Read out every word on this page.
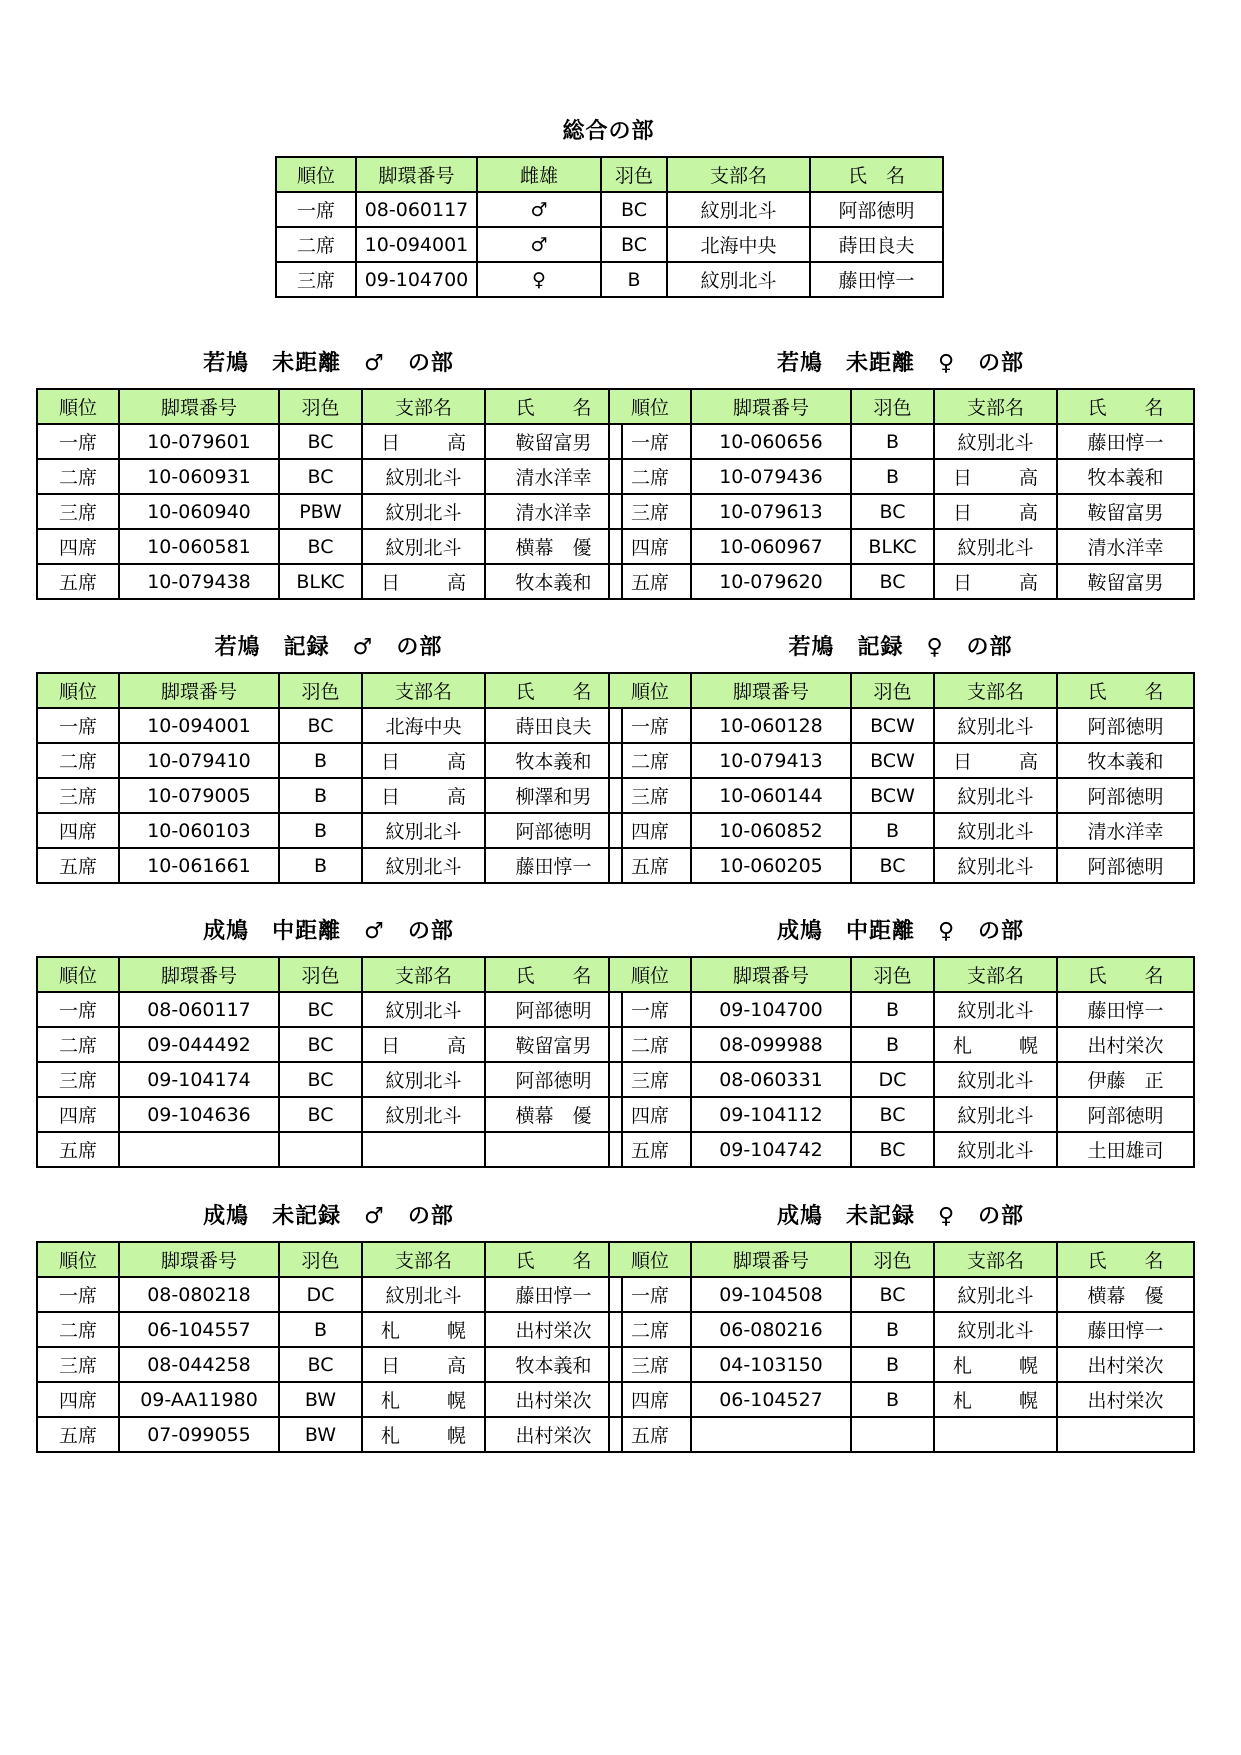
総合の部
順位	脚環番号	雌雄	羽色	支部名	氏　名
一席	08-060117	♂	BC	紋別北斗	阿部徳明
二席	10-094001	♂	BC	北海中央	蒔田良夫
三席	09-104700	♀	B	紋別北斗	藤田惇一
若鳩　未距離　♂　の部
順位	脚環番号	羽色	支部名	氏　　名
一席	10-079601	BC	日　高	鞍留富男
二席	10-060931	BC	紋別北斗	清水洋幸
三席	10-060940	PBW	紋別北斗	清水洋幸
四席	10-060581	BC	紋別北斗	横幕　優
五席	10-079438	BLKC	日　高	牧本義和
若鳩　未距離　♀　の部
順位	脚環番号	羽色	支部名	氏　　名
一席	10-060656	B	紋別北斗	藤田惇一
二席	10-079436	B	日　高	牧本義和
三席	10-079613	BC	日　高	鞍留富男
四席	10-060967	BLKC	紋別北斗	清水洋幸
五席	10-079620	BC	日　高	鞍留富男
若鳩　記録　♂　の部
順位	脚環番号	羽色	支部名	氏　　名
一席	10-094001	BC	北海中央	蒔田良夫
二席	10-079410	B	日　高	牧本義和
三席	10-079005	B	日　高	柳澤和男
四席	10-060103	B	紋別北斗	阿部徳明
五席	10-061661	B	紋別北斗	藤田惇一
若鳩　記録　♀　の部
順位	脚環番号	羽色	支部名	氏　　名
一席	10-060128	BCW	紋別北斗	阿部徳明
二席	10-079413	BCW	日　高	牧本義和
三席	10-060144	BCW	紋別北斗	阿部徳明
四席	10-060852	B	紋別北斗	清水洋幸
五席	10-060205	BC	紋別北斗	阿部徳明
成鳩　中距離　♂　の部
順位	脚環番号	羽色	支部名	氏　　名
一席	08-060117	BC	紋別北斗	阿部徳明
二席	09-044492	BC	日　高	鞍留富男
三席	09-104174	BC	紋別北斗	阿部徳明
四席	09-104636	BC	紋別北斗	横幕　優
五席				
成鳩　中距離　♀　の部
順位	脚環番号	羽色	支部名	氏　　名
一席	09-104700	B	紋別北斗	藤田惇一
二席	08-099988	B	札　幌	出村栄次
三席	08-060331	DC	紋別北斗	伊藤　正
四席	09-104112	BC	紋別北斗	阿部徳明
五席	09-104742	BC	紋別北斗	土田雄司
成鳩　未記録　♂　の部
順位	脚環番号	羽色	支部名	氏　　名
一席	08-080218	DC	紋別北斗	藤田惇一
二席	06-104557	B	札　幌	出村栄次
三席	08-044258	BC	日　高	牧本義和
四席	09-AA11980	BW	札　幌	出村栄次
五席	07-099055	BW	札　幌	出村栄次
成鳩　未記録　♀　の部
順位	脚環番号	羽色	支部名	氏　　名
一席	09-104508	BC	紋別北斗	横幕　優
二席	06-080216	B	紋別北斗	藤田惇一
三席	04-103150	B	札　幌	出村栄次
四席	06-104527	B	札　幌	出村栄次
五席				
